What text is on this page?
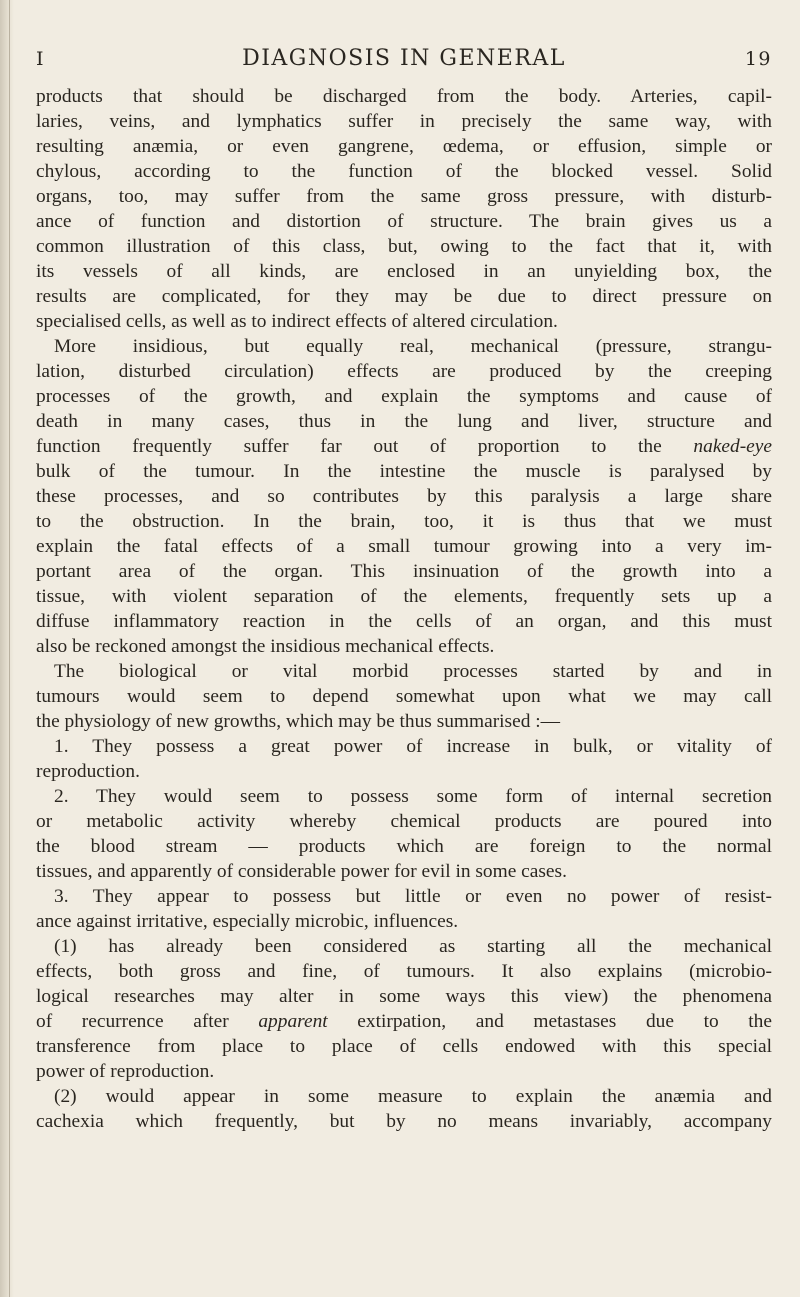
I	DIAGNOSIS IN GENERAL	19
products that should be discharged from the body. Arteries, capil-
laries, veins, and lymphatics suffer in precisely the same way, with
resulting anæmia, or even gangrene, œdema, or effusion, simple or
chylous, according to the function of the blocked vessel. Solid
organs, too, may suffer from the same gross pressure, with disturb-
ance of function and distortion of structure. The brain gives us a
common illustration of this class, but, owing to the fact that it, with
its vessels of all kinds, are enclosed in an unyielding box, the
results are complicated, for they may be due to direct pressure on
specialised cells, as well as to indirect effects of altered circulation.
More insidious, but equally real, mechanical (pressure, strangu-
lation, disturbed circulation) effects are produced by the creeping
processes of the growth, and explain the symptoms and cause of
death in many cases, thus in the lung and liver, structure and
function frequently suffer far out of proportion to the naked-eye
bulk of the tumour. In the intestine the muscle is paralysed by
these processes, and so contributes by this paralysis a large share
to the obstruction. In the brain, too, it is thus that we must
explain the fatal effects of a small tumour growing into a very im-
portant area of the organ. This insinuation of the growth into a
tissue, with violent separation of the elements, frequently sets up a
diffuse inflammatory reaction in the cells of an organ, and this must
also be reckoned amongst the insidious mechanical effects.
The biological or vital morbid processes started by and in
tumours would seem to depend somewhat upon what we may call
the physiology of new growths, which may be thus summarised :—
1. They possess a great power of increase in bulk, or vitality of
reproduction.
2. They would seem to possess some form of internal secretion
or metabolic activity whereby chemical products are poured into
the blood stream — products which are foreign to the normal
tissues, and apparently of considerable power for evil in some cases.
3. They appear to possess but little or even no power of resist-
ance against irritative, especially microbic, influences.
(1) has already been considered as starting all the mechanical
effects, both gross and fine, of tumours. It also explains (microbio-
logical researches may alter in some ways this view) the phenomena
of recurrence after apparent extirpation, and metastases due to the
transference from place to place of cells endowed with this special
power of reproduction.
(2) would appear in some measure to explain the anæmia and
cachexia which frequently, but by no means invariably, accompany
